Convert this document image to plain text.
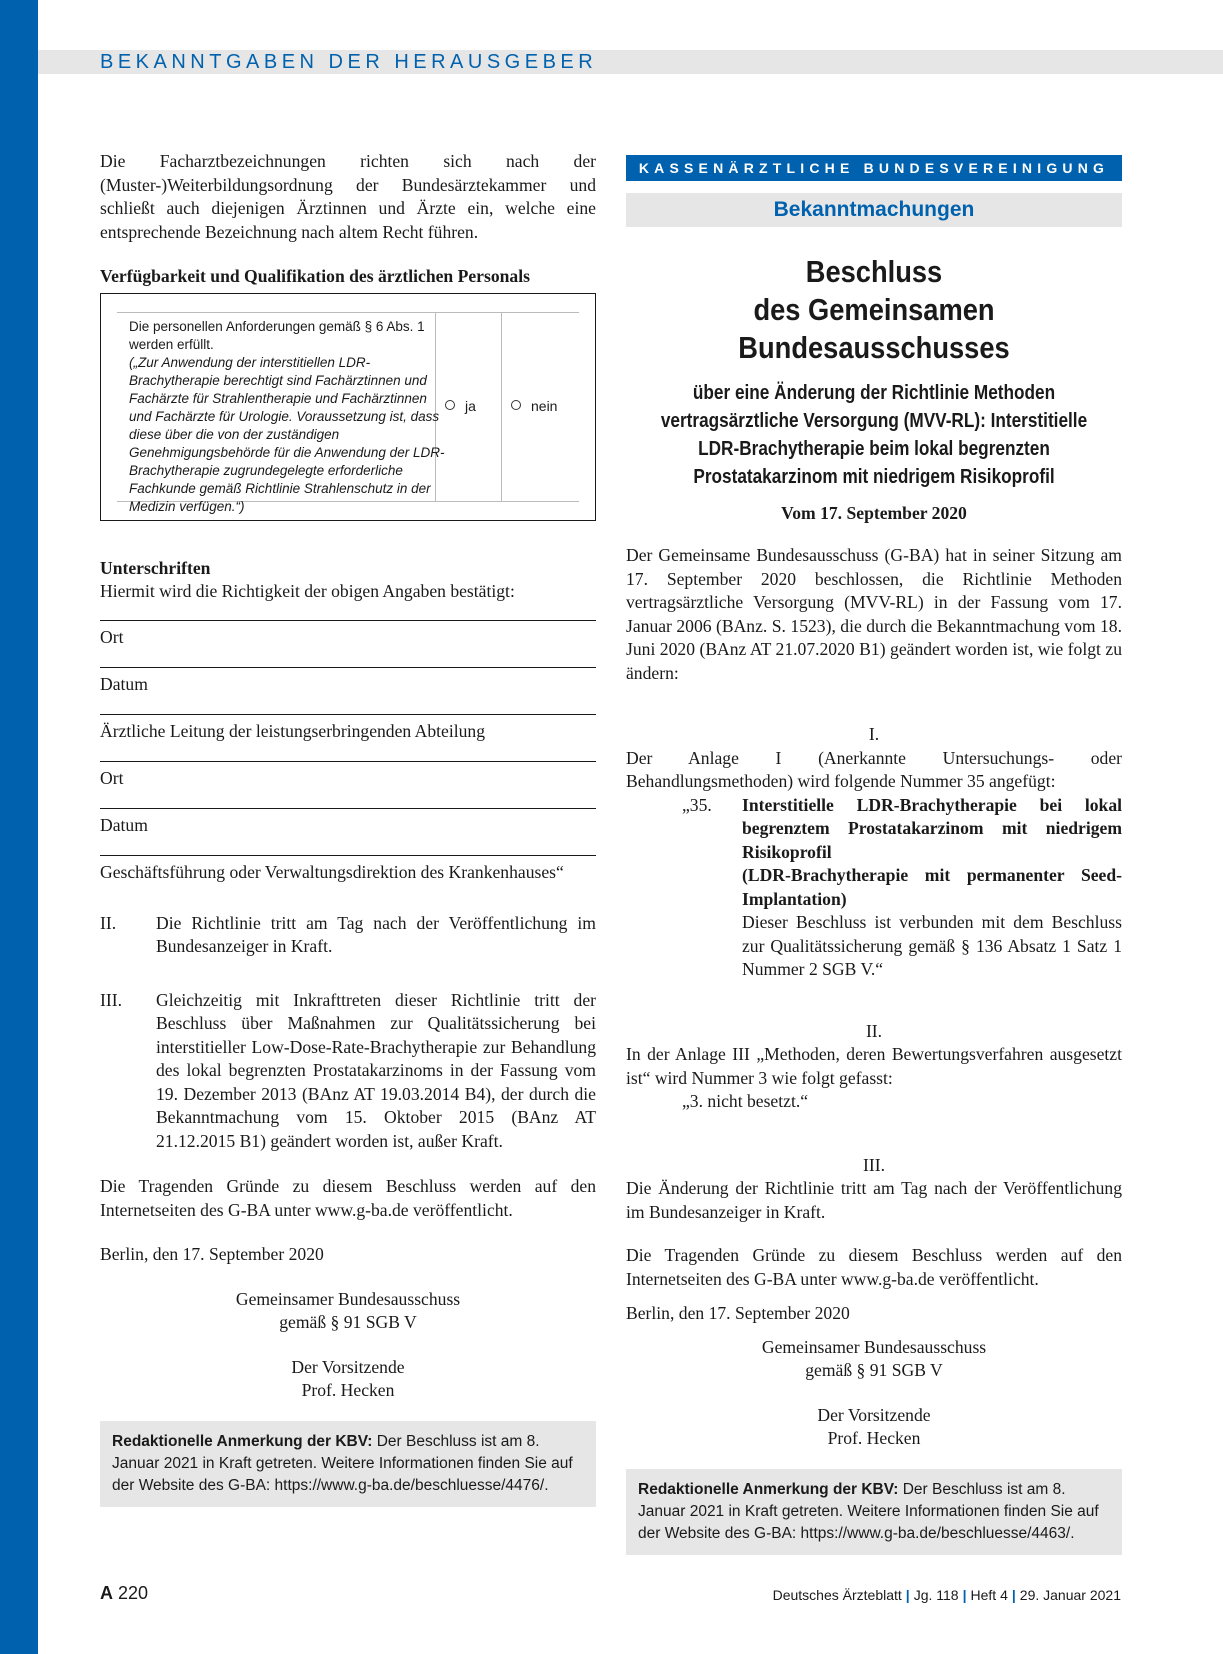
BEKANNTGABEN DER HERAUSGEBER

Die Facharztbezeichnungen richten sich nach der (Muster-)Weiterbildungsordnung der Bundesärztekammer und schließt auch diejenigen Ärztinnen und Ärzte ein, welche eine entsprechende Bezeichnung nach altem Recht führen.

Verfügbarkeit und Qualifikation des ärztlichen Personals

Die personellen Anforderungen gemäß § 6 Abs. 1 werden erfüllt.
(„Zur Anwendung der interstitiellen LDR-Brachytherapie berechtigt sind Fachärztinnen und Fachärzte für Strahlentherapie und Fachärztinnen und Fachärzte für Urologie. Voraussetzung ist, dass diese über die von der zuständigen Genehmigungsbehörde für die Anwendung der LDR-Brachytherapie zugrundegelegte erforderliche Fachkunde gemäß Richtlinie Strahlenschutz in der Medizin verfügen.“)
ja	nein

Unterschriften

Hiermit wird die Richtigkeit der obigen Angaben bestätigt:

Ort
Datum
Ärztliche Leitung der leistungserbringenden Abteilung
Ort
Datum
Geschäftsführung oder Verwaltungsdirektion des Krankenhauses“
II.	Die Richtlinie tritt am Tag nach der Veröffentlichung im Bundesanzeiger in Kraft.
III.	Gleichzeitig mit Inkrafttreten dieser Richtlinie tritt der Beschluss über Maßnahmen zur Qualitätssicherung bei interstitieller Low-Dose-Rate-Brachytherapie zur Behandlung des lokal begrenzten Prostatakarzinoms in der Fassung vom 19. Dezember 2013 (BAnz AT 19.03.2014 B4), der durch die Bekanntmachung vom 15. Oktober 2015 (BAnz AT 21.12.2015 B1) geändert worden ist, außer Kraft.

Die Tragenden Gründe zu diesem Beschluss werden auf den Internetseiten des G-BA unter www.g-ba.de veröffentlicht.

Berlin, den 17. September 2020

Gemeinsamer Bundesausschuss
gemäß § 91 SGB V
Der Vorsitzende
Prof. Hecken
Redaktionelle Anmerkung der KBV: Der Beschluss ist am 8. Januar 2021 in Kraft getreten. Weitere Informationen finden Sie auf der Website des G-BA: https://www.g-ba.de/beschluesse/4476/.
KASSENÄRZTLICHE BUNDESVEREINIGUNG
Bekanntmachungen
Beschluss
des Gemeinsamen Bundesausschusses
über eine Änderung der Richtlinie Methoden vertragsärztliche Versorgung (MVV-RL): Interstitielle LDR-Brachytherapie beim lokal begrenzten Prostatakarzinom mit niedrigem Risikoprofil
Vom 17. September 2020

Der Gemeinsame Bundesausschuss (G-BA) hat in seiner Sitzung am 17. September 2020 beschlossen, die Richtlinie Methoden vertragsärztliche Versorgung (MVV-RL) in der Fassung vom 17. Januar 2006 (BAnz. S. 1523), die durch die Bekanntmachung vom 18. Juni 2020 (BAnz AT 21.07.2020 B1) geändert worden ist, wie folgt zu ändern:

I.

Der Anlage I (Anerkannte Untersuchungs- oder Behandlungsmethoden) wird folgende Nummer 35 angefügt:

„35.	Interstitielle LDR-Brachytherapie bei lokal begrenztem Prostatakarzinom mit niedrigem Risikoprofil
(LDR-Brachytherapie mit permanenter Seed-Implantation)
Dieser Beschluss ist verbunden mit dem Beschluss zur Qualitätssicherung gemäß § 136 Absatz 1 Satz 1 Nummer 2 SGB V.“
II.

In der Anlage III „Methoden, deren Bewertungsverfahren ausgesetzt ist“ wird Nummer 3 wie folgt gefasst:

„3. nicht besetzt.“

III.

Die Änderung der Richtlinie tritt am Tag nach der Veröffentlichung im Bundesanzeiger in Kraft.

Die Tragenden Gründe zu diesem Beschluss werden auf den Internetseiten des G-BA unter www.g-ba.de veröffentlicht.

Berlin, den 17. September 2020

Gemeinsamer Bundesausschuss
gemäß § 91 SGB V
Der Vorsitzende
Prof. Hecken
Redaktionelle Anmerkung der KBV: Der Beschluss ist am 8. Januar 2021 in Kraft getreten. Weitere Informationen finden Sie auf der Website des G-BA: https://www.g-ba.de/beschluesse/4463/.
A 220	Deutsches Ärzteblatt | Jg. 118 | Heft 4 | 29. Januar 2021
